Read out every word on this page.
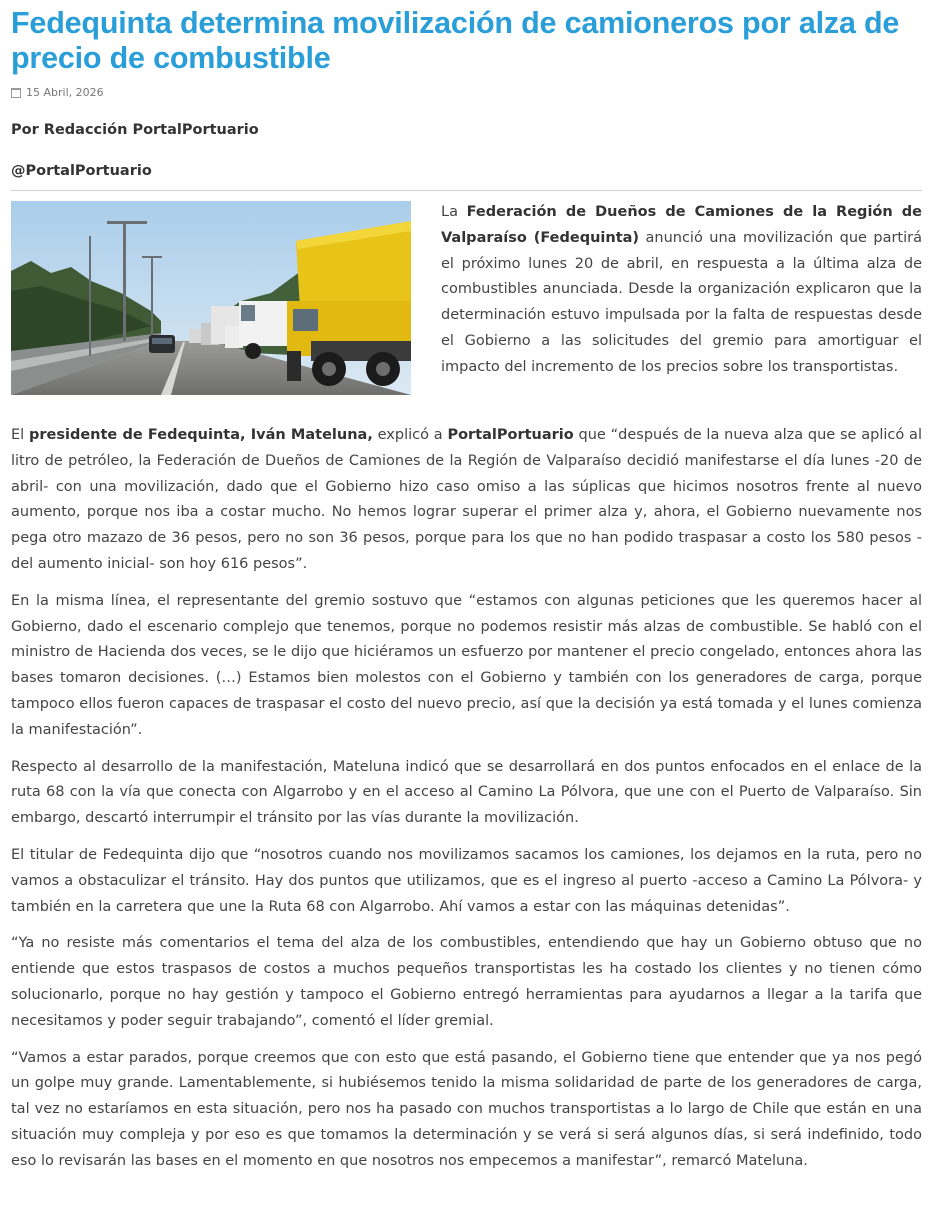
Fedequinta determina movilización de camioneros por alza de precio de combustible
15 Abril, 2026
Por Redacción PortalPortuario
@PortalPortuario

La Federación de Dueños de Camiones de la Región de Valparaíso (Fedequinta) anunció una movilización que partirá el próximo lunes 20 de abril, en respuesta a la última alza de combustibles anunciada. Desde la organización explicaron que la determinación estuvo impulsada por la falta de respuestas desde el Gobierno a las solicitudes del gremio para amortiguar el impacto del incremento de los precios sobre los transportistas.

El presidente de Fedequinta, Iván Mateluna, explicó a PortalPortuario que “después de la nueva alza que se aplicó al litro de petróleo, la Federación de Dueños de Camiones de la Región de Valparaíso decidió manifestarse el día lunes -20 de abril- con una movilización, dado que el Gobierno hizo caso omiso a las súplicas que hicimos nosotros frente al nuevo aumento, porque nos iba a costar mucho. No hemos lograr superar el primer alza y, ahora, el Gobierno nuevamente nos pega otro mazazo de 36 pesos, pero no son 36 pesos, porque para los que no han podido traspasar a costo los 580 pesos -del aumento inicial- son hoy 616 pesos”.

En la misma línea, el representante del gremio sostuvo que “estamos con algunas peticiones que les queremos hacer al Gobierno, dado el escenario complejo que tenemos, porque no podemos resistir más alzas de combustible. Se habló con el ministro de Hacienda dos veces, se le dijo que hiciéramos un esfuerzo por mantener el precio congelado, entonces ahora las bases tomaron decisiones. (…) Estamos bien molestos con el Gobierno y también con los generadores de carga, porque tampoco ellos fueron capaces de traspasar el costo del nuevo precio, así que la decisión ya está tomada y el lunes comienza la manifestación”.

Respecto al desarrollo de la manifestación, Mateluna indicó que se desarrollará en dos puntos enfocados en el enlace de la ruta 68 con la vía que conecta con Algarrobo y en el acceso al Camino La Pólvora, que une con el Puerto de Valparaíso. Sin embargo, descartó interrumpir el tránsito por las vías durante la movilización.

El titular de Fedequinta dijo que “nosotros cuando nos movilizamos sacamos los camiones, los dejamos en la ruta, pero no vamos a obstaculizar el tránsito. Hay dos puntos que utilizamos, que es el ingreso al puerto -acceso a Camino La Pólvora- y también en la carretera que une la Ruta 68 con Algarrobo. Ahí vamos a estar con las máquinas detenidas”.

“Ya no resiste más comentarios el tema del alza de los combustibles, entendiendo que hay un Gobierno obtuso que no entiende que estos traspasos de costos a muchos pequeños transportistas les ha costado los clientes y no tienen cómo solucionarlo, porque no hay gestión y tampoco el Gobierno entregó herramientas para ayudarnos a llegar a la tarifa que necesitamos y poder seguir trabajando”, comentó el líder gremial.

“Vamos a estar parados, porque creemos que con esto que está pasando, el Gobierno tiene que entender que ya nos pegó un golpe muy grande. Lamentablemente, si hubiésemos tenido la misma solidaridad de parte de los generadores de carga, tal vez no estaríamos en esta situación, pero nos ha pasado con muchos transportistas a lo largo de Chile que están en una situación muy compleja y por eso es que tomamos la determinación y se verá si será algunos días, si será indefinido, todo eso lo revisarán las bases en el momento en que nosotros nos empecemos a manifestar”, remarcó Mateluna.
